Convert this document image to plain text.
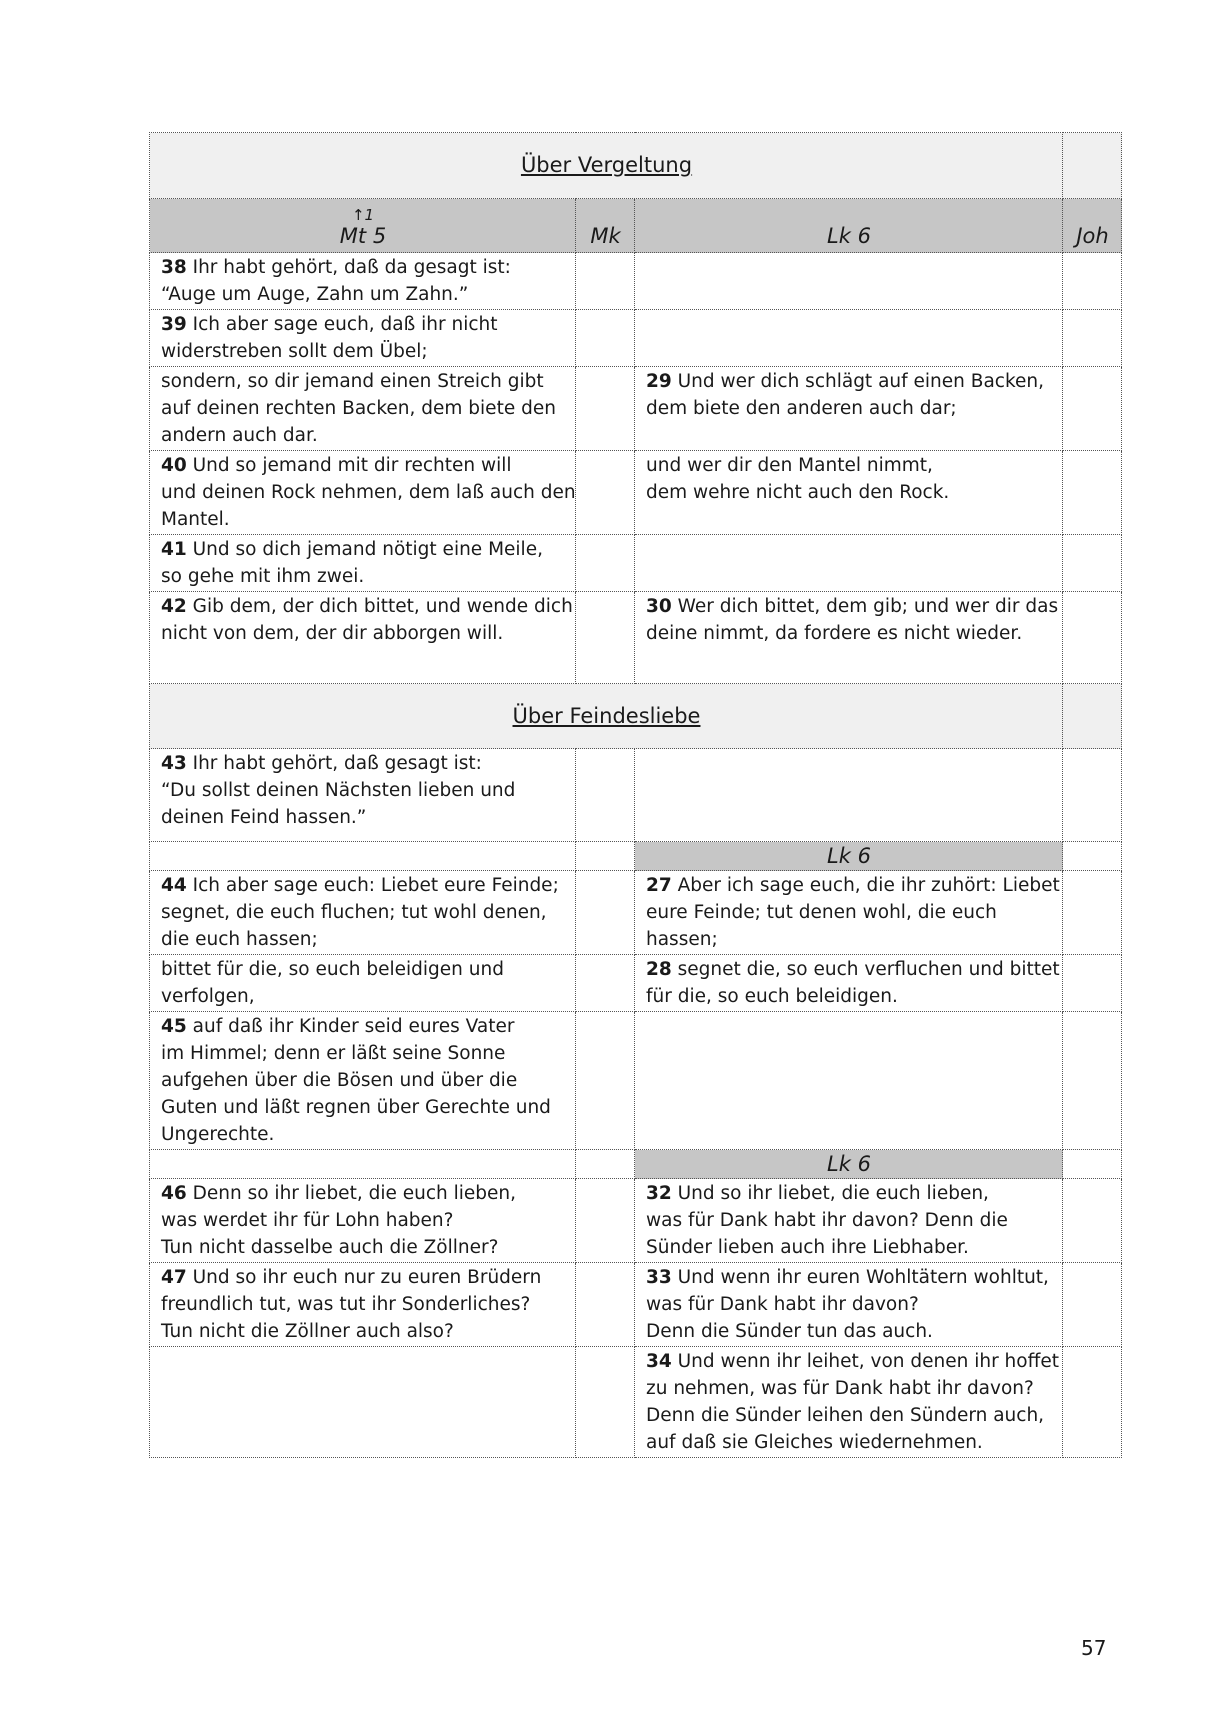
Über Vergeltung			

↑1
Mt 5	Mk	Lk 6	Joh

38 Ihr habt gehört, daß da gesagt ist:
“Auge um Auge, Zahn um Zahn.”			

39 Ich aber sage euch, daß ihr nicht
widerstreben sollt dem Übel;			

sondern, so dir jemand einen Streich gibt
auf deinen rechten Backen, dem biete den
andern auch dar.		29 Und wer dich schlägt auf einen Backen,
dem biete den anderen auch dar;	

40 Und so jemand mit dir rechten will
und deinen Rock nehmen, dem laß auch den
Mantel.		und wer dir den Mantel nimmt,
dem wehre nicht auch den Rock.	

41 Und so dich jemand nötigt eine Meile,
so gehe mit ihm zwei.			

42 Gib dem, der dich bittet, und wende dich
nicht von dem, der dir abborgen will.		30 Wer dich bittet, dem gib; und wer dir das
deine nimmt, da fordere es nicht wieder.	

Über Feindesliebe			

43 Ihr habt gehört, daß gesagt ist:
“Du sollst deinen Nächsten lieben und
deinen Feind hassen.”			

		Lk 6	

44 Ich aber sage euch: Liebet eure Feinde;
segnet, die euch fluchen; tut wohl denen,
die euch hassen;		27 Aber ich sage euch, die ihr zuhört: Liebet
eure Feinde; tut denen wohl, die euch
hassen;	

bittet für die, so euch beleidigen und
verfolgen,		28 segnet die, so euch verfluchen und bittet
für die, so euch beleidigen.	

45 auf daß ihr Kinder seid eures Vater
im Himmel; denn er läßt seine Sonne
aufgehen über die Bösen und über die
Guten und läßt regnen über Gerechte und
Ungerechte.			

		Lk 6	

46 Denn so ihr liebet, die euch lieben,
was werdet ihr für Lohn haben?
Tun nicht dasselbe auch die Zöllner?		32 Und so ihr liebet, die euch lieben,
was für Dank habt ihr davon? Denn die
Sünder lieben auch ihre Liebhaber.	

47 Und so ihr euch nur zu euren Brüdern
freundlich tut, was tut ihr Sonderliches?
Tun nicht die Zöllner auch also?		33 Und wenn ihr euren Wohltätern wohltut,
was für Dank habt ihr davon?
Denn die Sünder tun das auch.	

		34 Und wenn ihr leihet, von denen ihr hoffet
zu nehmen, was für Dank habt ihr davon?
Denn die Sünder leihen den Sündern auch,
auf daß sie Gleiches wiedernehmen.	

57
